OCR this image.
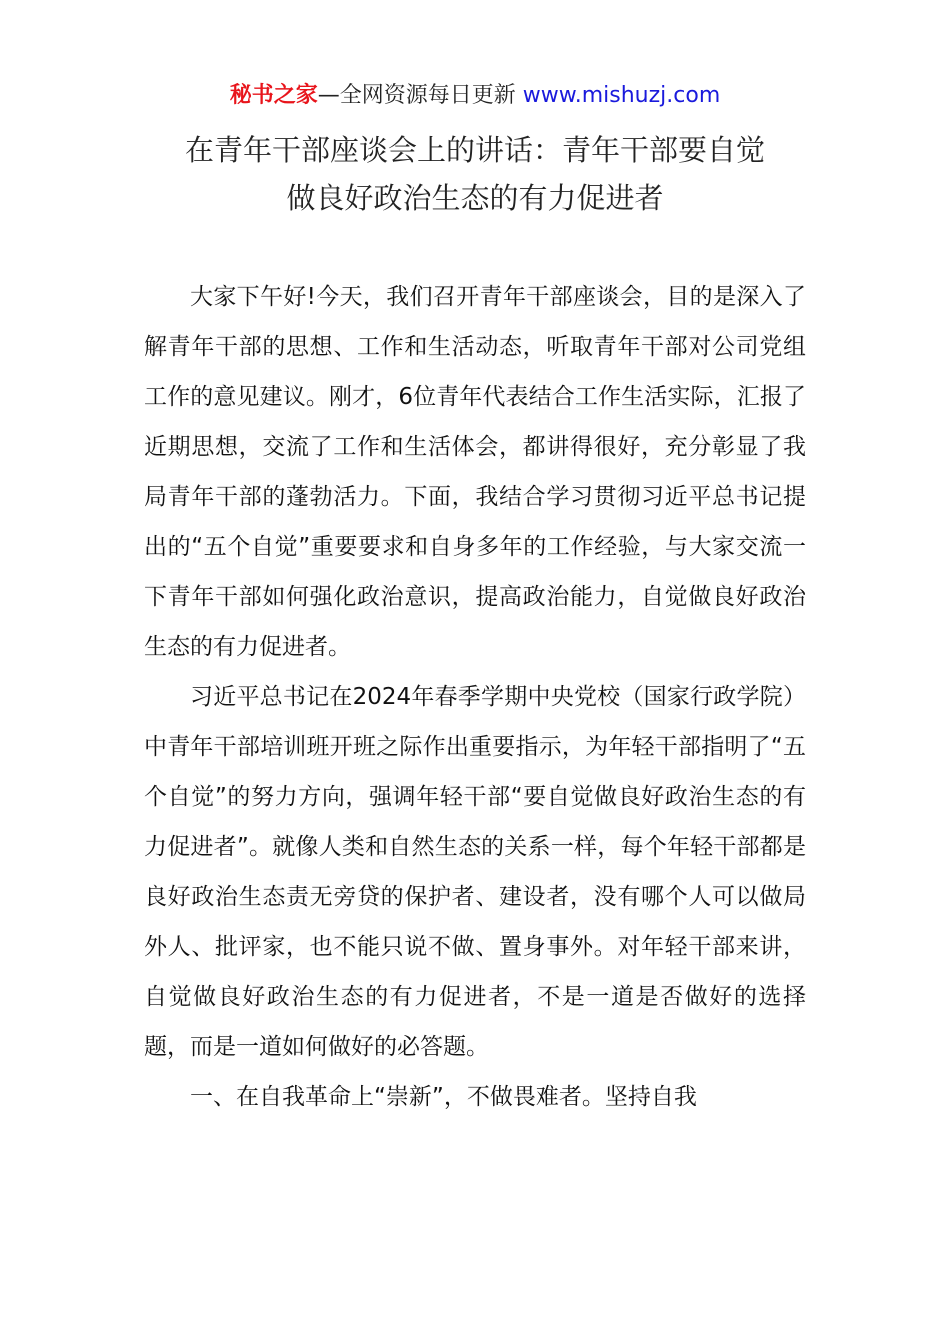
秘书之家—全网资源每日更新 www.mishuzj.com

在青年干部座谈会上的讲话：青年干部要自觉

做良好政治生态的有力促进者

大家下午好!今天，我们召开青年干部座谈会，目的是深入了解青年干部的思想、工作和生活动态，听取青年干部对公司党组工作的意见建议。刚才，6位青年代表结合工作生活实际，汇报了近期思想，交流了工作和生活体会，都讲得很好，充分彰显了我局青年干部的蓬勃活力。下面，我结合学习贯彻习近平总书记提出的“五个自觉”重要要求和自身多年的工作经验，与大家交流一下青年干部如何强化政治意识，提高政治能力，自觉做良好政治生态的有力促进者。

习近平总书记在2024年春季学期中央党校（国家行政学院）中青年干部培训班开班之际作出重要指示，为年轻干部指明了“五个自觉”的努力方向，强调年轻干部“要自觉做良好政治生态的有力促进者”。就像人类和自然生态的关系一样，每个年轻干部都是良好政治生态责无旁贷的保护者、建设者，没有哪个人可以做局外人、批评家，也不能只说不做、置身事外。对年轻干部来讲，自觉做良好政治生态的有力促进者，不是一道是否做好的选择题，而是一道如何做好的必答题。

一、在自我革命上“崇新”，不做畏难者。坚持自我
